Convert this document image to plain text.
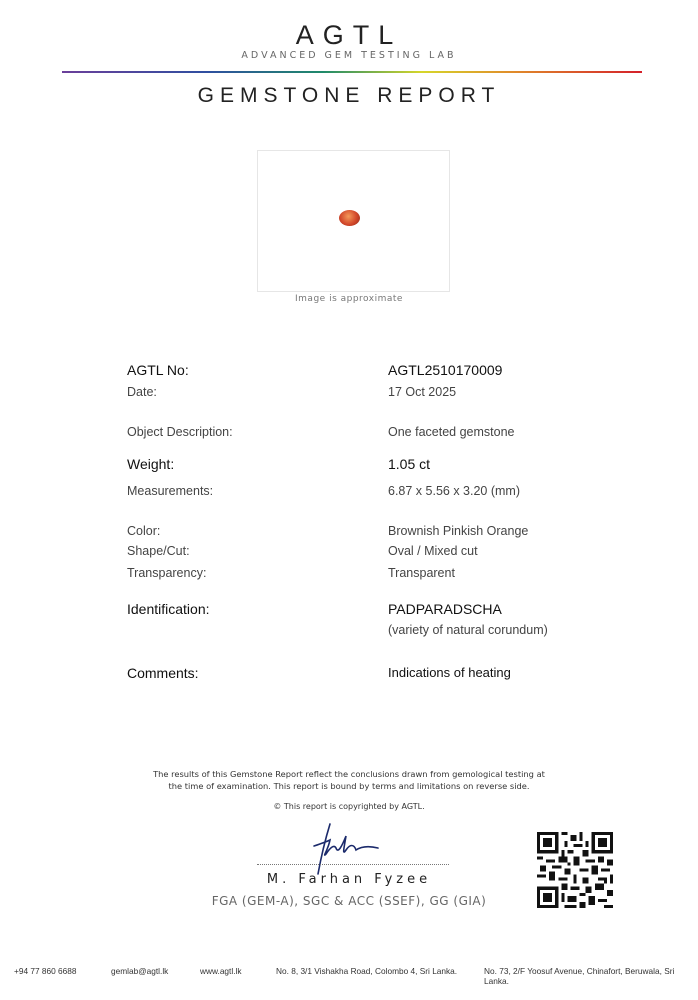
AGTL
ADVANCED GEM TESTING LAB
GEMSTONE REPORT
Image is approximate
AGTL No:	AGTL2510170009
Date:	17 Oct 2025
Object Description:	One faceted gemstone
Weight:	1.05 ct
Measurements:	6.87 x 5.56 x 3.20 (mm)
Color:	Brownish Pinkish Orange
Shape/Cut:	Oval / Mixed cut
Transparency:	Transparent
Identification:	PADPARADSCHA
(variety of natural corundum)
Comments:	Indications of heating
The results of this Gemstone Report reflect the conclusions drawn from gemological testing at
the time of examination. This report is bound by terms and limitations on reverse side.
© This report is copyrighted by AGTL.
M. Farhan Fyzee
FGA (GEM-A), SGC & ACC (SSEF), GG (GIA)
+94 77 860 6688	gemlab@agtl.lk	www.agtl.lk	No. 8, 3/1 Vishakha Road, Colombo 4, Sri Lanka.	No. 73, 2/F Yoosuf Avenue, Chinafort, Beruwala, Sri Lanka.
